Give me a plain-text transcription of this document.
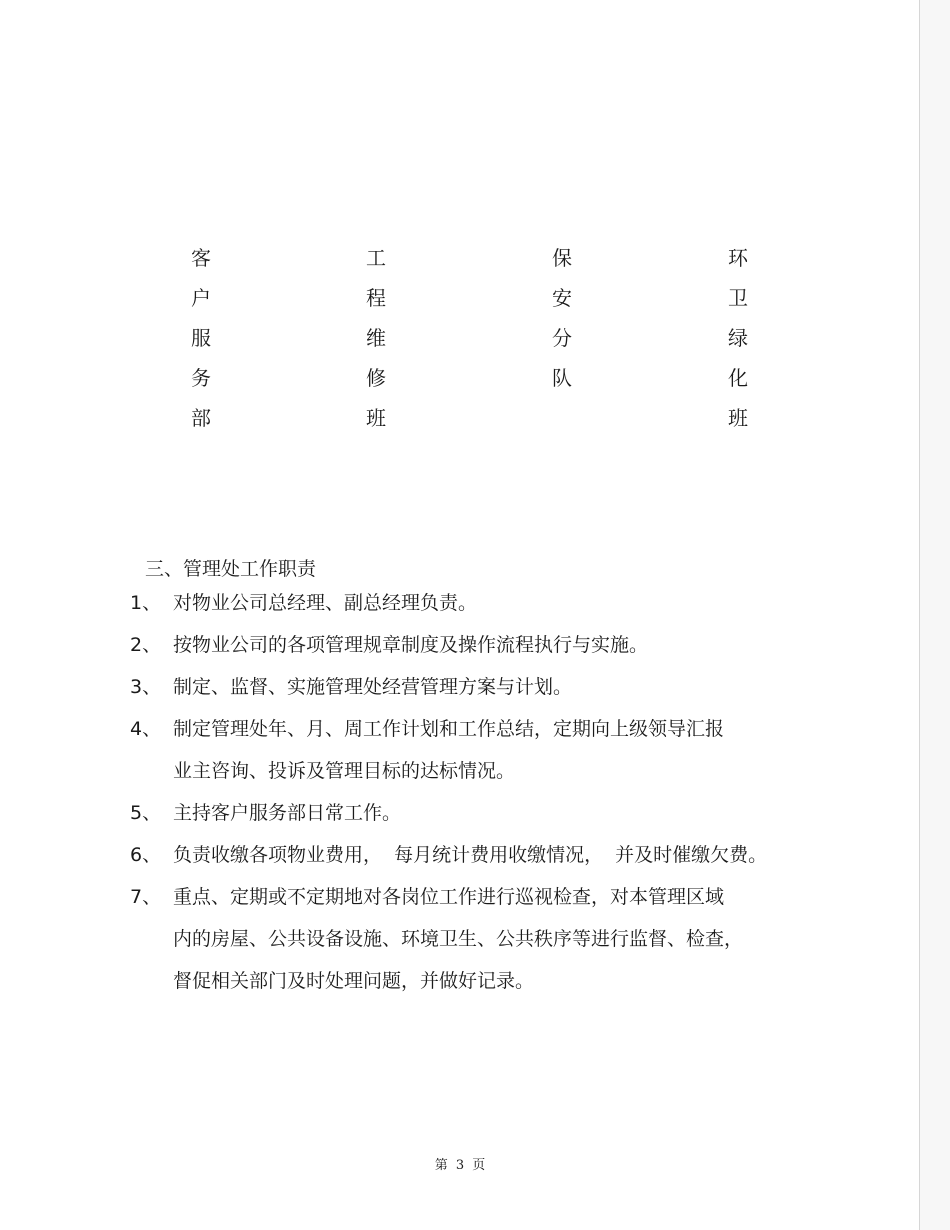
客
户
服
务
部
工
程
维
修
班
保
安
分
队
环
卫
绿
化
班
三、管理处工作职责
1、 对物业公司总经理、副总经理负责。
2、 按物业公司的各项管理规章制度及操作流程执行与实施。
3、 制定、监督、实施管理处经营管理方案与计划。
4、 制定管理处年、月、周工作计划和工作总结，定期向上级领导汇报
业主咨询、投诉及管理目标的达标情况。
5、 主持客户服务部日常工作。
6、 负责收缴各项物业费用，  每月统计费用收缴情况，  并及时催缴欠费。
7、 重点、定期或不定期地对各岗位工作进行巡视检查，对本管理区域
内的房屋、公共设备设施、环境卫生、公共秩序等进行监督、检查，
督促相关部门及时处理问题，并做好记录。
第 3 页
